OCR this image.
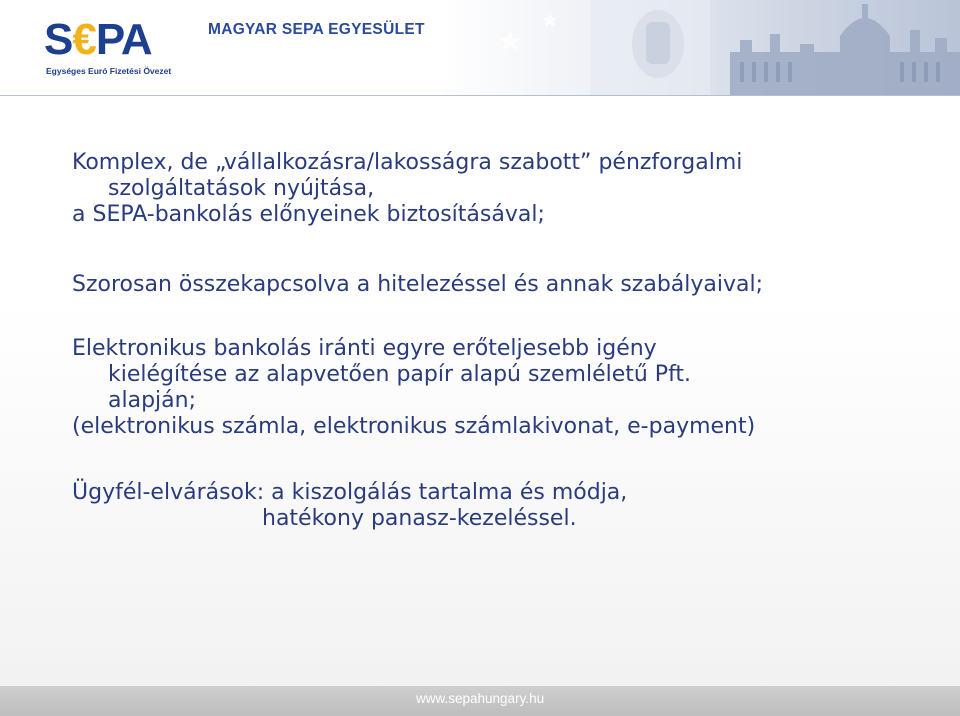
S€PA
Egységes Euró Fizetési Övezet
MAGYAR SEPA EGYESÜLET
Komplex, de „vállalkozásra/lakosságra szabott” pénzforgalmi
szolgáltatások nyújtása,
a SEPA-bankolás előnyeinek biztosításával;
Szorosan összekapcsolva a hitelezéssel és annak szabályaival;
Elektronikus bankolás iránti egyre erőteljesebb igény
kielégítése az alapvetően papír alapú szemléletű Pft.
alapján;
(elektronikus számla, elektronikus számlakivonat, e-payment)
Ügyfél-elvárások: a kiszolgálás tartalma és módja,
hatékony panasz-kezeléssel.
www.sepahungary.hu
